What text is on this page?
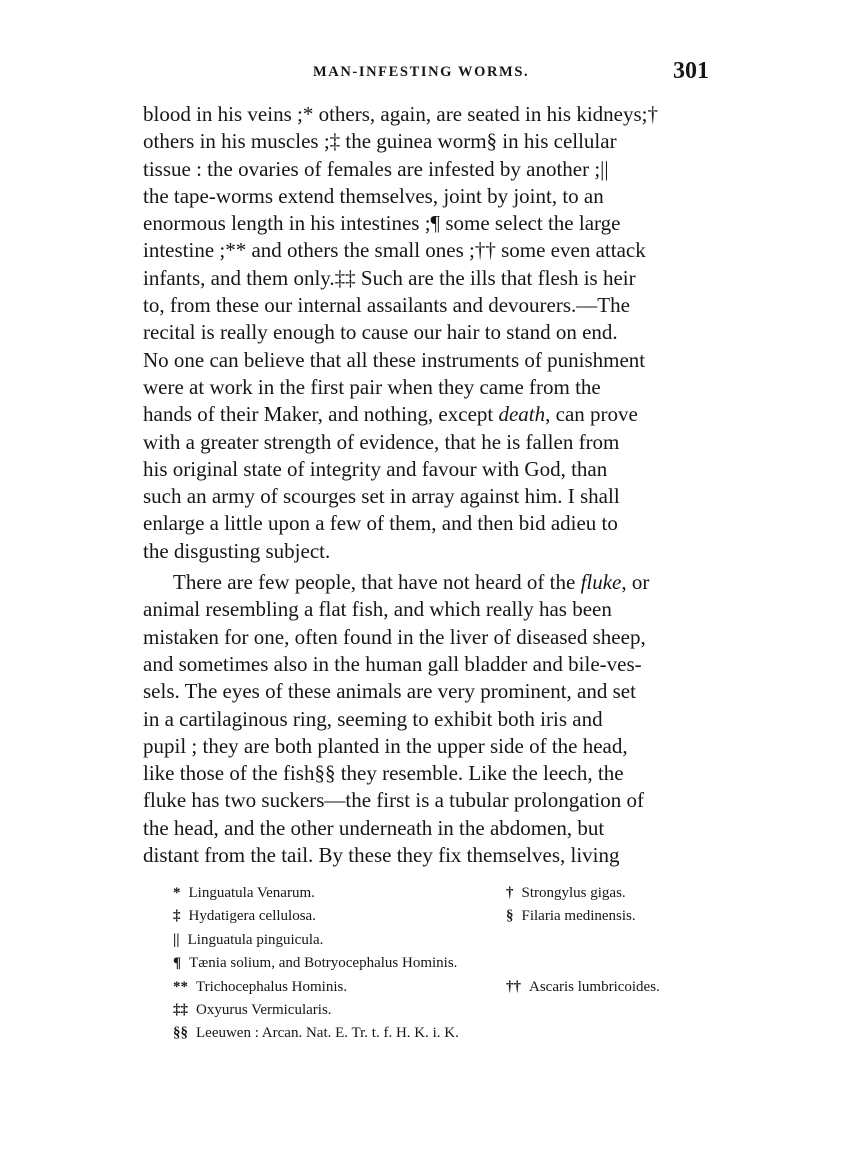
MAN-INFESTING WORMS.	301
blood in his veins ;* others, again, are seated in his kidneys;†
others in his muscles ;‡ the guinea worm§ in his cellular
tissue : the ovaries of females are infested by another ;||
the tape-worms extend themselves, joint by joint, to an
enormous length in his intestines ;¶ some select the large
intestine ;** and others the small ones ;†† some even attack
infants, and them only.‡‡ Such are the ills that flesh is heir
to, from these our internal assailants and devourers.—The
recital is really enough to cause our hair to stand on end.
No one can believe that all these instruments of punishment
were at work in the first pair when they came from the
hands of their Maker, and nothing, except death, can prove
with a greater strength of evidence, that he is fallen from
his original state of integrity and favour with God, than
such an army of scourges set in array against him. I shall
enlarge a little upon a few of them, and then bid adieu to
the disgusting subject.
There are few people, that have not heard of the fluke, or
animal resembling a flat fish, and which really has been
mistaken for one, often found in the liver of diseased sheep,
and sometimes also in the human gall bladder and bile-ves-
sels. The eyes of these animals are very prominent, and set
in a cartilaginous ring, seeming to exhibit both iris and
pupil ; they are both planted in the upper side of the head,
like those of the fish§§ they resemble. Like the leech, the
fluke has two suckers—the first is a tubular prolongation of
the head, and the other underneath in the abdomen, but
distant from the tail. By these they fix themselves, living
* Linguatula Venarum.	† Strongylus gigas.
‡ Hydatigera cellulosa.	§ Filaria medinensis.
|| Linguatula pinguicula.
¶ Tænia solium, and Botryocephalus Hominis.
** Trichocephalus Hominis.	†† Ascaris lumbricoides.
‡‡ Oxyurus Vermicularis.
§§ Leeuwen : Arcan. Nat. E. Tr. t. f. H. K. i. K.
